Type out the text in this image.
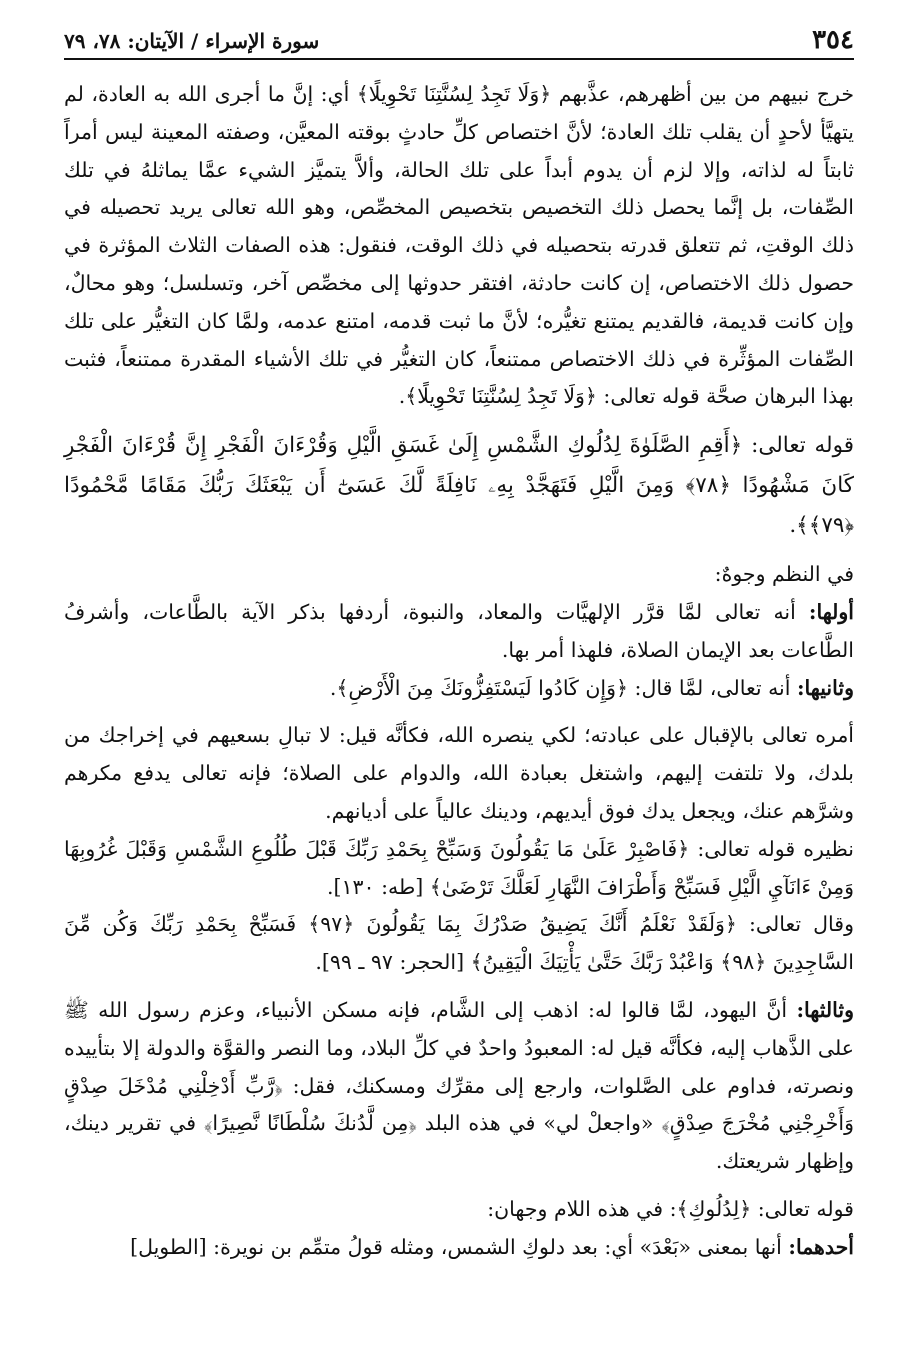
٣٥٤
سورة الإسراء / الآيتان: ٧٨، ٧٩

خرج نبيهم من بين أظهرهم، عذَّبهم ﴿وَلَا تَجِدُ لِسُنَّتِنَا تَحْوِيلًا﴾ أي: إنَّ ما أجرى الله به العادة، لم يتهيَّأ لأحدٍ أن يقلب تلك العادة؛ لأنَّ اختصاص كلِّ حادثٍ بوقته المعيَّن، وصفته المعينة ليس أمراً ثابتاً له لذاته، وإلا لزم أن يدوم أبداً على تلك الحالة، وألاَّ يتميَّز الشيء عمَّا يماثلهُ في تلك الصِّفات، بل إنَّما يحصل ذلك التخصيص بتخصيص المخصِّص، وهو الله تعالى يريد تحصيله في ذلك الوقتِ، ثم تتعلق قدرته بتحصيله في ذلك الوقت، فنقول: هذه الصفات الثلاث المؤثرة في حصول ذلك الاختصاص، إن كانت حادثة، افتقر حدوثها إلى مخصِّص آخر، وتسلسل؛ وهو محالٌ، وإن كانت قديمة، فالقديم يمتنع تغيُّره؛ لأنَّ ما ثبت قدمه، امتنع عدمه، ولمَّا كان التغيُّر على تلك الصِّفات المؤثِّرة في ذلك الاختصاص ممتنعاً، كان التغيُّر في تلك الأشياء المقدرة ممتنعاً، فثبت بهذا البرهان صحَّة قوله تعالى: ﴿وَلَا تَجِدُ لِسُنَّتِنَا تَحْوِيلًا﴾.

قوله تعالى: ﴿أَقِمِ الصَّلَوٰةَ لِدُلُوكِ الشَّمْسِ إِلَىٰ غَسَقِ الَّيْلِ وَقُرْءَانَ الْفَجْرِ إِنَّ قُرْءَانَ الْفَجْرِ كَانَ مَشْهُودًا ﴿٧٨﴾ وَمِنَ الَّيْلِ فَتَهَجَّدْ بِهِۦ نَافِلَةً لَّكَ عَسَىٰٓ أَن يَبْعَثَكَ رَبُّكَ مَقَامًا مَّحْمُودًا ﴿٧٩﴾﴾.

في النظم وجوهٌ:

أولها: أنه تعالى لمَّا قرَّر الإلهيَّات والمعاد، والنبوة، أردفها بذكر الآية بالطَّاعات، وأشرفُ الطَّاعات بعد الإيمان الصلاة، فلهذا أمر بها.

وثانيها: أنه تعالى، لمَّا قال: ﴿وَإِن كَادُوا لَيَسْتَفِزُّونَكَ مِنَ الْأَرْضِ﴾.

أمره تعالى بالإقبال على عبادته؛ لكي ينصره الله، فكأنَّه قيل: لا تبالِ بسعيهم في إخراجك من بلدك، ولا تلتفت إليهم، واشتغل بعبادة الله، والدوام على الصلاة؛ فإنه تعالى يدفع مكرهم وشرَّهم عنك، ويجعل يدك فوق أيديهم، ودينك عالياً على أديانهم.

نظيره قوله تعالى: ﴿فَاصْبِرْ عَلَىٰ مَا يَقُولُونَ وَسَبِّحْ بِحَمْدِ رَبِّكَ قَبْلَ طُلُوعِ الشَّمْسِ وَقَبْلَ غُرُوبِهَا وَمِنْ ءَانَآيِ الَّيْلِ فَسَبِّحْ وَأَطْرَافَ النَّهَارِ لَعَلَّكَ تَرْضَىٰ﴾ [طه: ١٣٠].

وقال تعالى: ﴿وَلَقَدْ نَعْلَمُ أَنَّكَ يَضِيقُ صَدْرُكَ بِمَا يَقُولُونَ ﴿٩٧﴾ فَسَبِّحْ بِحَمْدِ رَبِّكَ وَكُن مِّنَ السَّاجِدِينَ ﴿٩٨﴾ وَاعْبُدْ رَبَّكَ حَتَّىٰ يَأْتِيَكَ الْيَقِينُ﴾ [الحجر: ٩٧ ـ ٩٩].

وثالثها: أنَّ اليهود، لمَّا قالوا له: اذهب إلى الشَّام، فإنه مسكن الأنبياء، وعزم رسول الله ﷺ على الذَّهاب إليه، فكأنَّه قيل له: المعبودُ واحدٌ في كلِّ البلاد، وما النصر والقوَّة والدولة إلا بتأييده ونصرته، فداوم على الصَّلوات، وارجع إلى مقرِّك ومسكنك، فقل: ﴿رَّبِّ أَدْخِلْنِي مُدْخَلَ صِدْقٍ وَأَخْرِجْنِي مُخْرَجَ صِدْقٍ﴾ «واجعلْ لي» في هذه البلد ﴿مِن لَّدُنكَ سُلْطَانًا نَّصِيرًا﴾ في تقرير دينك، وإظهار شريعتك.

قوله تعالى: ﴿لِدُلُوكِ﴾: في هذه اللام وجهان:

أحدهما: أنها بمعنى «بَعْدَ» أي: بعد دلوكِ الشمس، ومثله قولُ متمِّم بن نويرة: [الطويل]
